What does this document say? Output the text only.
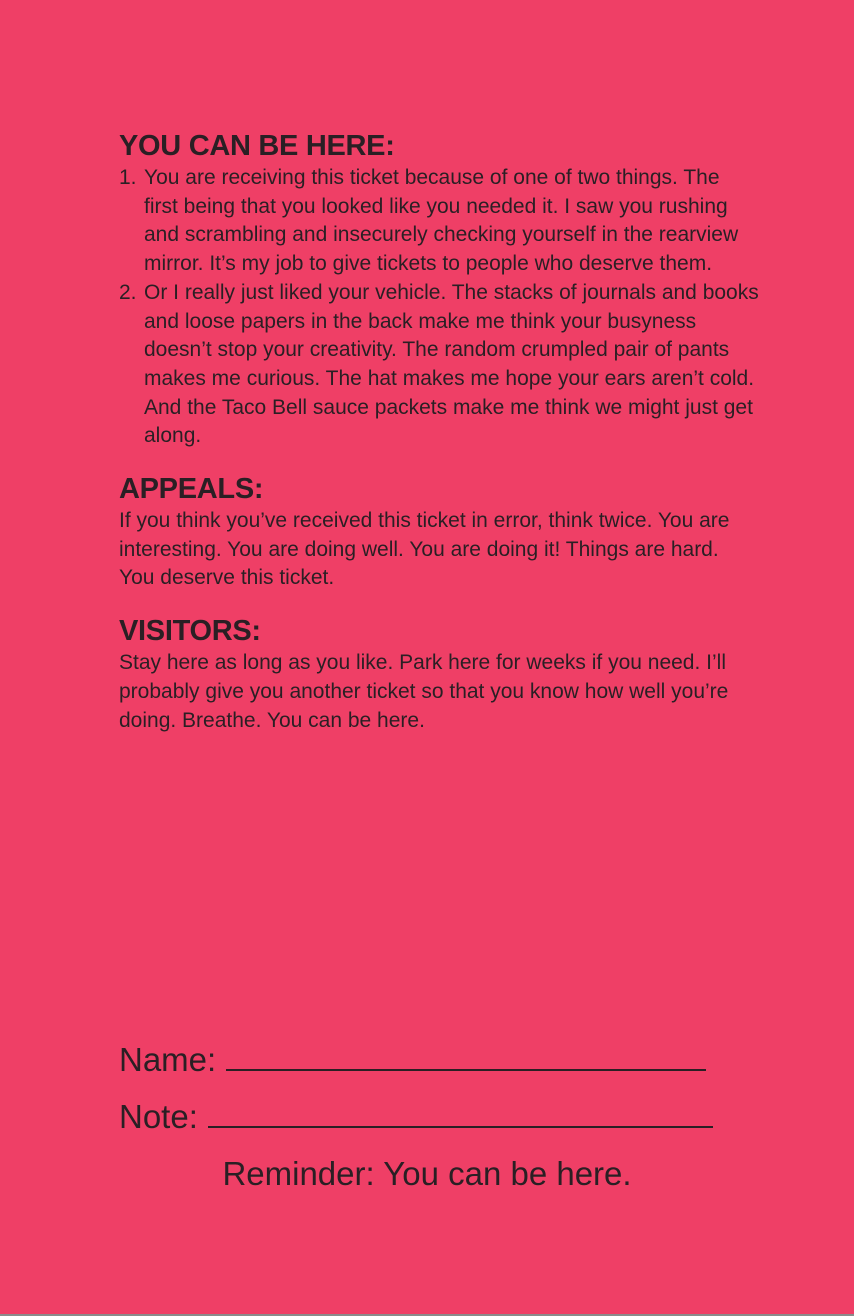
YOU CAN BE HERE:
1. You are receiving this ticket because of one of two things. The first being that you looked like you needed it. I saw you rushing and scrambling and insecurely checking yourself in the rearview mirror. It’s my job to give tickets to people who deserve them.
2. Or I really just liked your vehicle. The stacks of journals and books and loose papers in the back make me think your busyness doesn’t stop your creativity. The random crumpled pair of pants makes me curious. The hat makes me hope your ears aren’t cold. And the Taco Bell sauce packets make me think we might just get along.
APPEALS:

If you think you’ve received this ticket in error, think twice. You are interesting. You are doing well. You are doing it! Things are hard. You deserve this ticket.

VISITORS:

Stay here as long as you like. Park here for weeks if you need. I’ll probably give you another ticket so that you know how well you’re doing. Breathe. You can be here.

Name:
Note:
Reminder: You can be here.
